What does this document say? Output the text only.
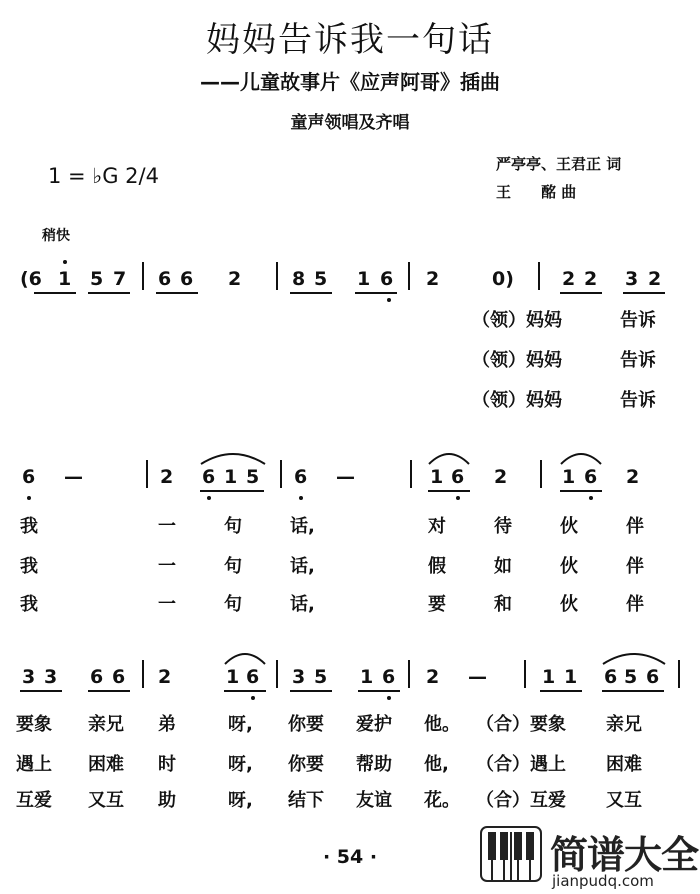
妈妈告诉我一句话
——儿童故事片《应声阿哥》插曲
童声领唱及齐唱
1 = ♭G 2/4	严亭亭、王君正 词
王　　酩 曲
稍快
(6 1 5 7 6 6 2	8 5 1 6 2	0)	2 2 3 2
（领）妈妈	告诉
（领）妈妈	告诉
（领）妈妈	告诉
6 —	2 6 1 5 6 —	1 6 2	1 6 2
我	一	句	话,	对	待	伙	伴
我	一	句	话,	假	如	伙	伴
我	一	句	话,	要	和	伙	伴
3 3 6 6 2	1 6 3 5 1 6 2 —	1 1 6 5 6
要象 亲兄 弟	呀, 你要 爱护 他。 （合）要象 亲兄
遇上 困难 时	呀, 你要 帮助 他, （合）遇上 困难
互爱 又互 助	呀, 结下 友谊 花。 （合）互爱 又互
· 54 ·	简谱大全
jianpudq.com
